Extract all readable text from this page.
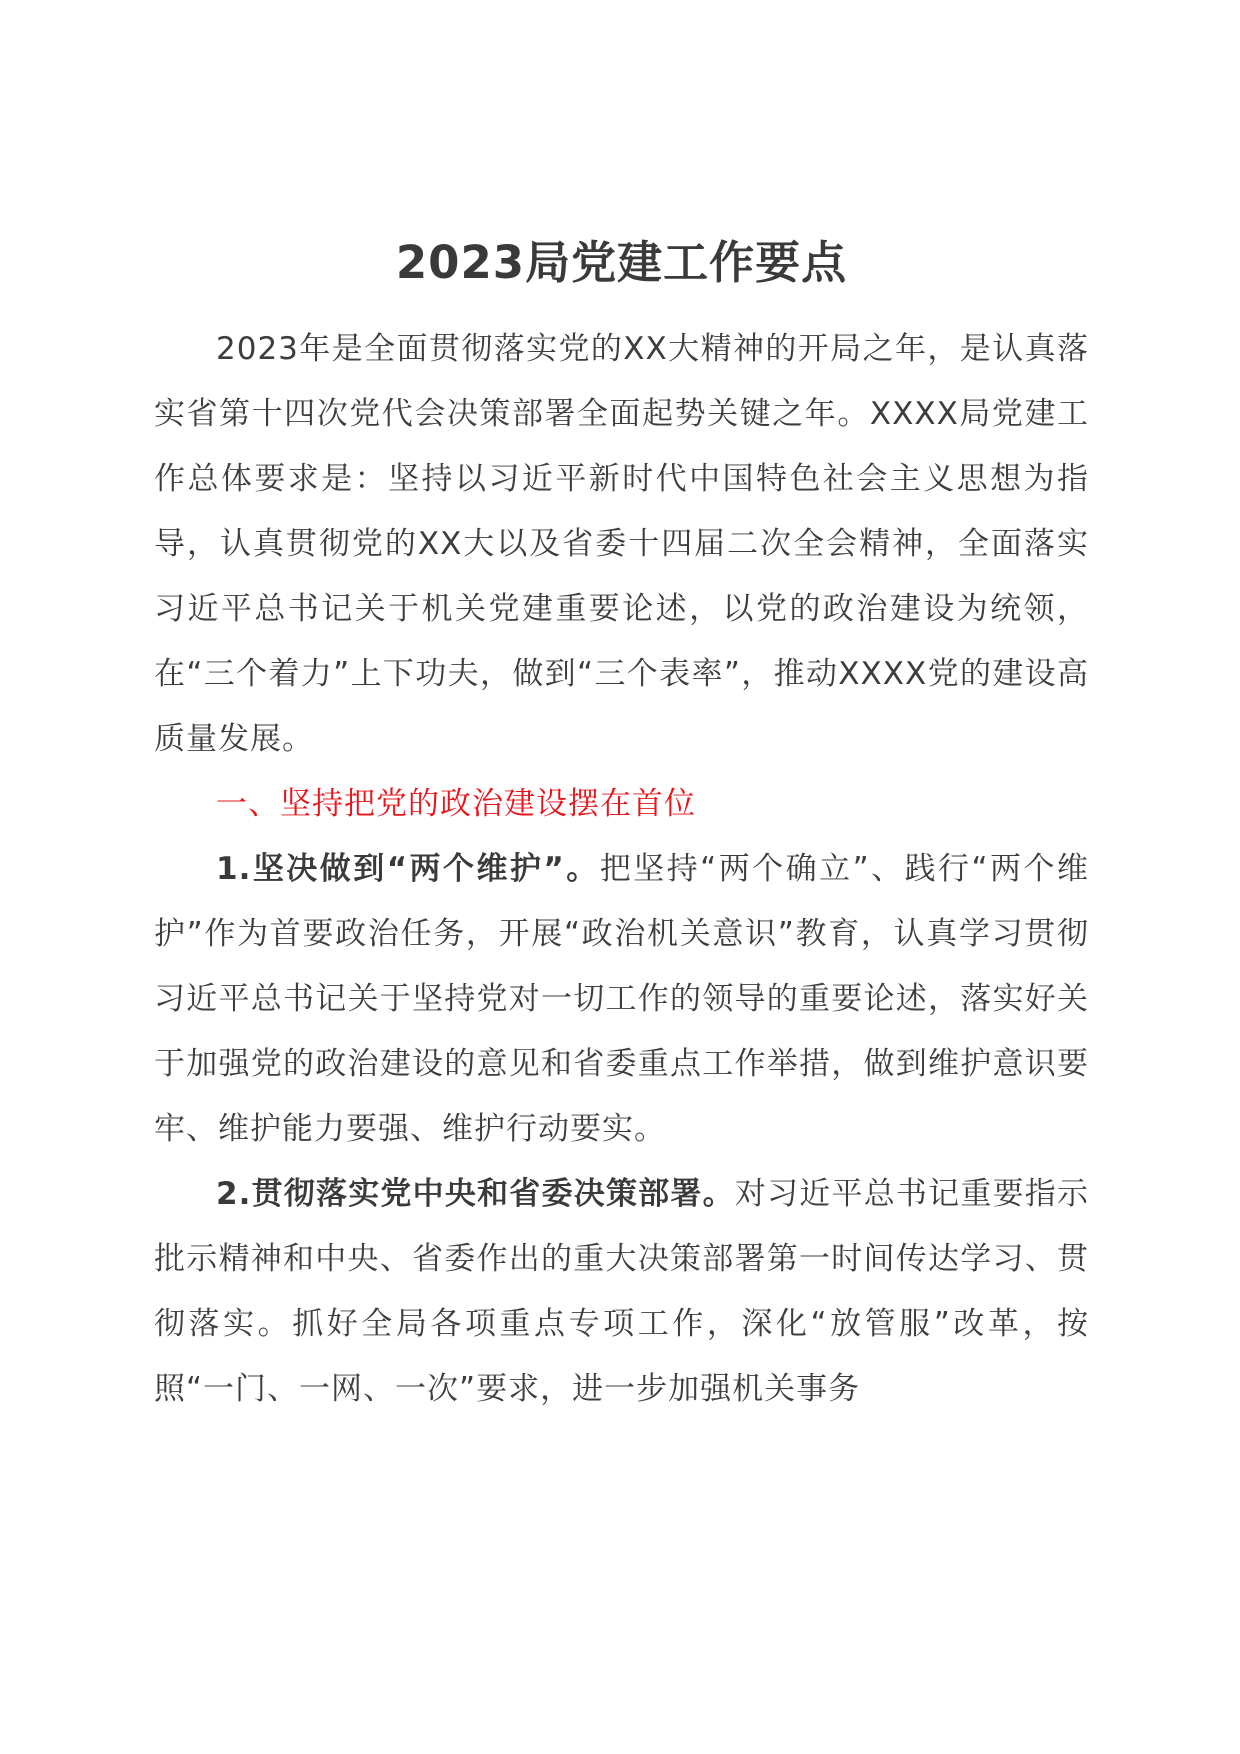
2023局党建工作要点

2023年是全面贯彻落实党的XX大精神的开局之年，是认真落实省第十四次党代会决策部署全面起势关键之年。XXXX局党建工作总体要求是：坚持以习近平新时代中国特色社会主义思想为指导，认真贯彻党的XX大以及省委十四届二次全会精神，全面落实习近平总书记关于机关党建重要论述，以党的政治建设为统领，在“三个着力”上下功夫，做到“三个表率”，推动XXXX党的建设高质量发展。

一、坚持把党的政治建设摆在首位

1.坚决做到“两个维护”。把坚持“两个确立”、践行“两个维护”作为首要政治任务，开展“政治机关意识”教育，认真学习贯彻习近平总书记关于坚持党对一切工作的领导的重要论述，落实好关于加强党的政治建设的意见和省委重点工作举措，做到维护意识要牢、维护能力要强、维护行动要实。

2.贯彻落实党中央和省委决策部署。对习近平总书记重要指示批示精神和中央、省委作出的重大决策部署第一时间传达学习、贯彻落实。抓好全局各项重点专项工作，深化“放管服”改革，按照“一门、一网、一次”要求，进一步加强机关事务
